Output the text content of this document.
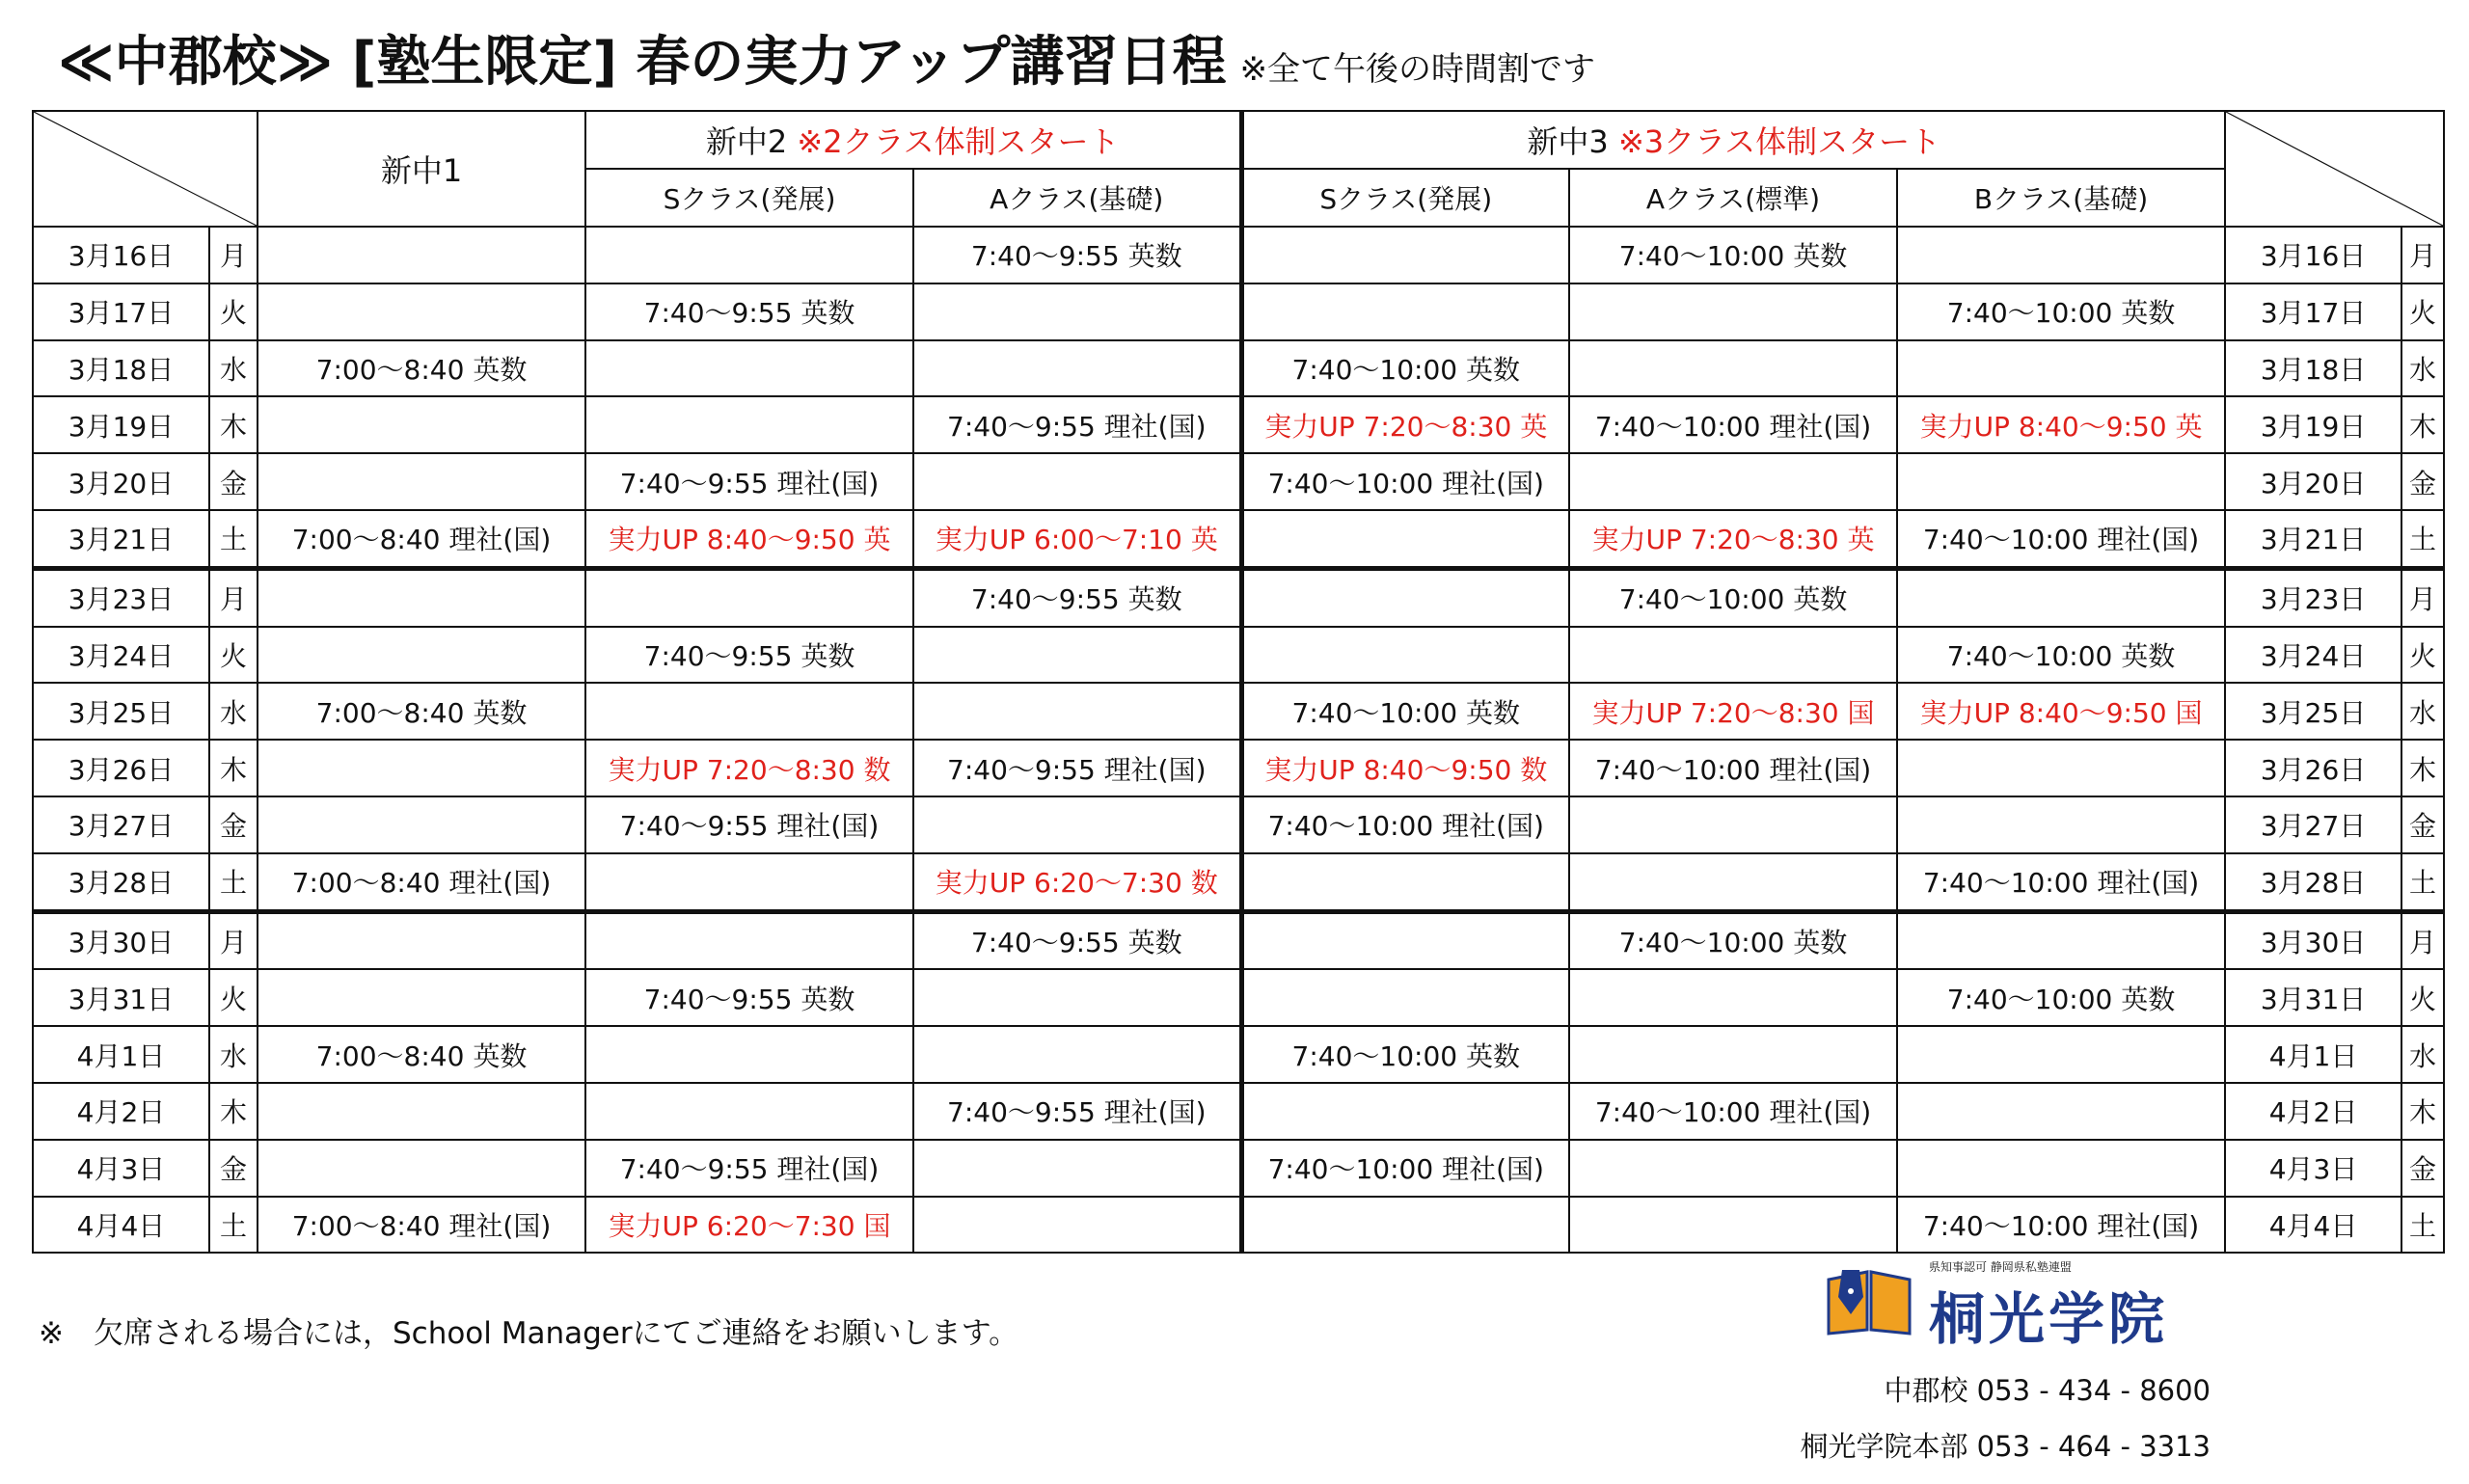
≪中郡校≫ [塾生限定] 春の実力アップ講習日程 ※全て午後の時間割です
	新中1	新中2 ※2クラス体制スタート		新中3 ※3クラス体制スタート	

			Sクラス(発展)	Aクラス(基礎)	Sクラス(発展)	Aクラス(標準)	Bクラス(基礎)		
3月16日	月			7:40～9:55 英数		7:40～10:00 英数		3月16日	月
3月17日	火		7:40～9:55 英数				7:40～10:00 英数	3月17日	火
3月18日	水	7:00～8:40 英数			7:40～10:00 英数			3月18日	水
3月19日	木			7:40～9:55 理社(国)	実力UP 7:20～8:30 英	7:40～10:00 理社(国)	実力UP 8:40～9:50 英	3月19日	木
3月20日	金		7:40～9:55 理社(国)		7:40～10:00 理社(国)			3月20日	金
3月21日	土	7:00～8:40 理社(国)	実力UP 8:40～9:50 英	実力UP 6:00～7:10 英		実力UP 7:20～8:30 英	7:40～10:00 理社(国)	3月21日	土
3月23日	月			7:40～9:55 英数		7:40～10:00 英数		3月23日	月
3月24日	火		7:40～9:55 英数				7:40～10:00 英数	3月24日	火
3月25日	水	7:00～8:40 英数			7:40～10:00 英数	実力UP 7:20～8:30 国	実力UP 8:40～9:50 国	3月25日	水
3月26日	木		実力UP 7:20～8:30 数	7:40～9:55 理社(国)	実力UP 8:40～9:50 数	7:40～10:00 理社(国)		3月26日	木
3月27日	金		7:40～9:55 理社(国)		7:40～10:00 理社(国)			3月27日	金
3月28日	土	7:00～8:40 理社(国)		実力UP 6:20～7:30 数			7:40～10:00 理社(国)	3月28日	土
3月30日	月			7:40～9:55 英数		7:40～10:00 英数		3月30日	月
3月31日	火		7:40～9:55 英数				7:40～10:00 英数	3月31日	火
4月1日	水	7:00～8:40 英数			7:40～10:00 英数			4月1日	水
4月2日	木			7:40～9:55 理社(国)		7:40～10:00 理社(国)		4月2日	木
4月3日	金		7:40～9:55 理社(国)		7:40～10:00 理社(国)			4月3日	金
4月4日	土	7:00～8:40 理社(国)	実力UP 6:20～7:30 国				7:40～10:00 理社(国)	4月4日	土
※　欠席される場合には，School Managerにてご連絡をお願いします。
県知事認可 静岡県私塾連盟
桐光学院
中郡校 053 - 434 - 8600
桐光学院本部 053 - 464 - 3313
